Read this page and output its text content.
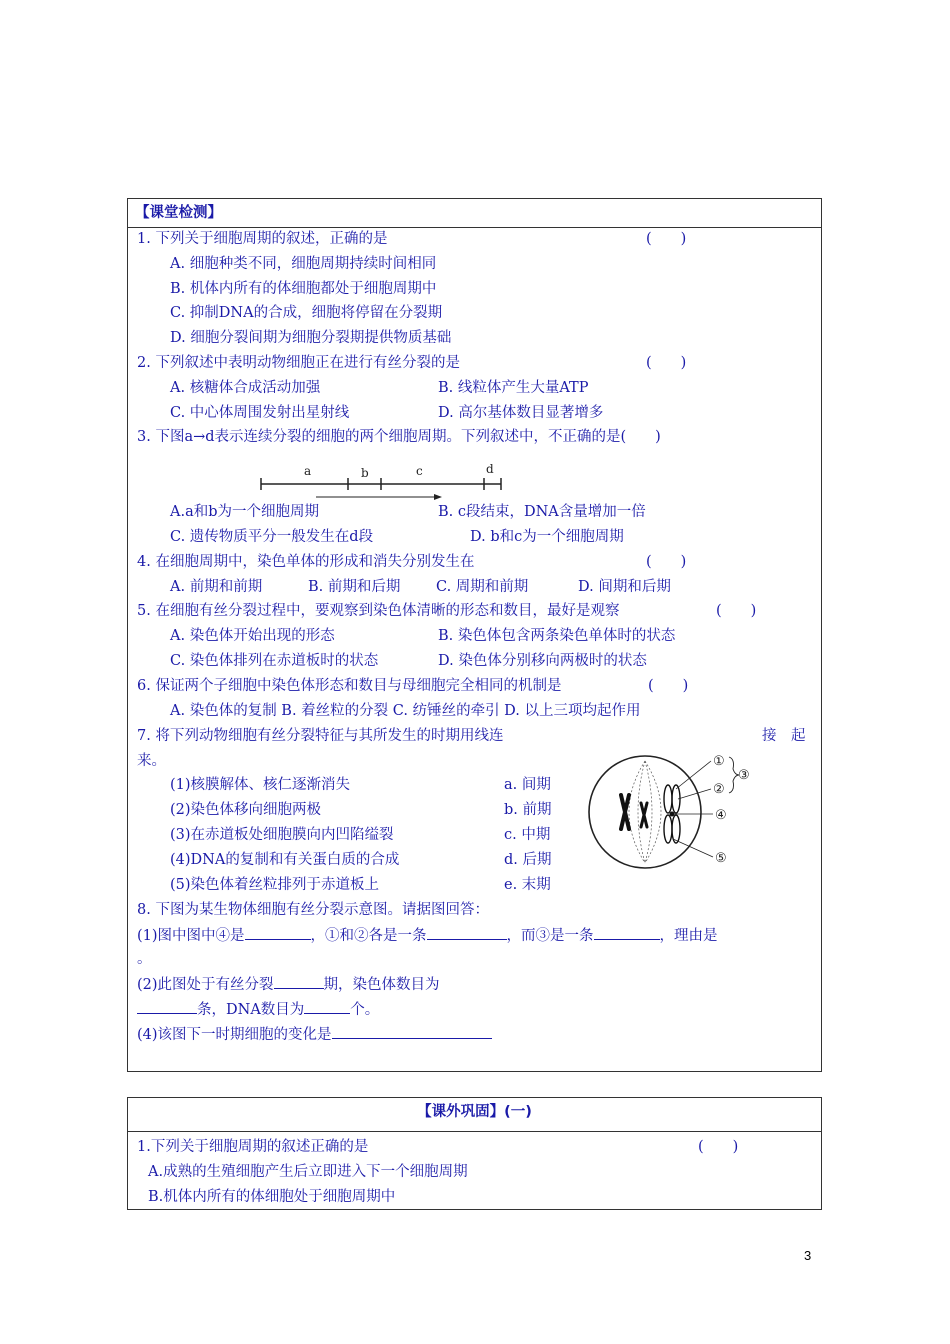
【课堂检测】
1. 下列关于细胞周期的叙述，正确的是	(　　)
A. 细胞种类不同，细胞周期持续时间相同
B. 机体内所有的体细胞都处于细胞周期中
C. 抑制DNA的合成，细胞将停留在分裂期
D. 细胞分裂间期为细胞分裂期提供物质基础
2. 下列叙述中表明动物细胞正在进行有丝分裂的是	(　　)
A. 核糖体合成活动加强	B. 线粒体产生大量ATP
C. 中心体周围发射出星射线	D. 高尔基体数目显著增多
3. 下图a→d表示连续分裂的细胞的两个细胞周期。下列叙述中，不正确的是(　　)
a	b	c	d
A.a和b为一个细胞周期	B. c段结束，DNA含量增加一倍
C. 遗传物质平分一般发生在d段	D. b和c为一个细胞周期
4. 在细胞周期中，染色单体的形成和消失分别发生在	(　　)
A. 前期和前期	B. 前期和后期 C. 周期和前期	D. 间期和后期
5. 在细胞有丝分裂过程中，要观察到染色体清晰的形态和数目，最好是观察	(　　)
A. 染色体开始出现的形态	B. 染色体包含两条染色单体时的状态
C. 染色体排列在赤道板时的状态	D. 染色体分别移向两极时的状态
6. 保证两个子细胞中染色体形态和数目与母细胞完全相同的机制是	(　　)
A. 染色体的复制 B. 着丝粒的分裂 C. 纺锤丝的牵引 D. 以上三项均起作用
7. 将下列动物细胞有丝分裂特征与其所发生的时期用线连	接　起
来。
(1)核膜解体、核仁逐渐消失
(2)染色体移向细胞两极
(3)在赤道板处细胞膜向内凹陷缢裂
(4)DNA的复制和有关蛋白质的合成
(5)染色体着丝粒排列于赤道板上
a. 间期
b. 前期
c. 中期
d. 后期
e. 末期
①
②
③
④
⑤
8. 下图为某生物体细胞有丝分裂示意图。请据图回答：
(1)图中图中④是	，①和②各是一条	，而③是一条	，理由是
。
(2)此图处于有丝分裂	期，染色体数目为
条，DNA数目为	个。
(4)该图下一时期细胞的变化是
【课外巩固】(一)
1.下列关于细胞周期的叙述正确的是	(　　)
A.成熟的生殖细胞产生后立即进入下一个细胞周期
B.机体内所有的体细胞处于细胞周期中
3
